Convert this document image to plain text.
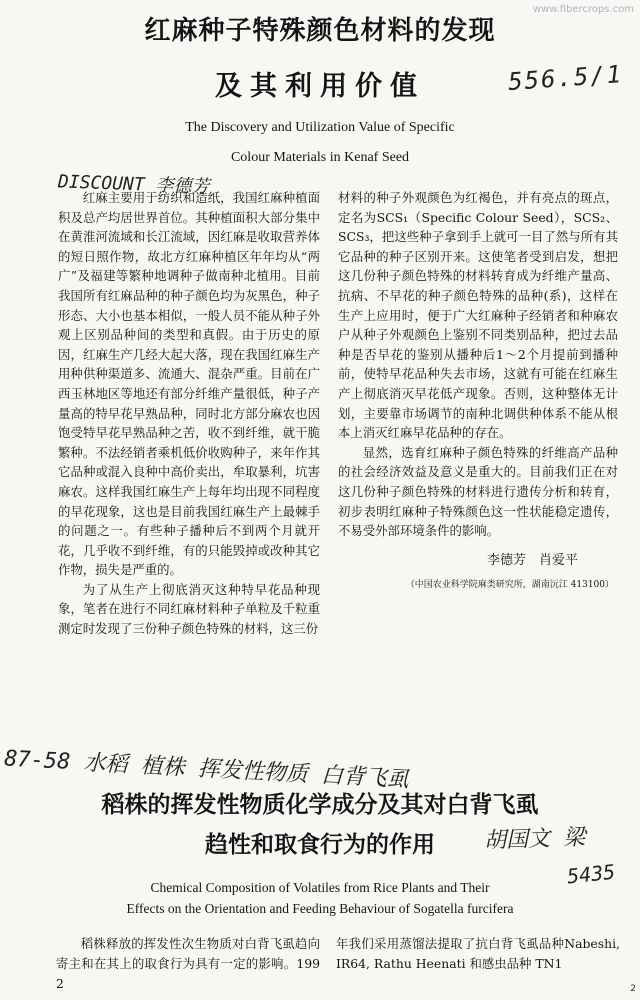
www.fibercrops.com
红麻种子特殊颜色材料的发现
及其利用价值
The Discovery and Utilization Value of Specific
Colour Materials in Kenaf Seed
556.5/1
DISCOUNT 李德芳

红麻主要用于纺织和造纸，我国红麻种植面积及总产均居世界首位。其种植面积大部分集中在黄淮河流域和长江流域，因红麻是收取营养体的短日照作物，故北方红麻种植区年年均从“两广”及福建等繁种地调种子做南种北植用。目前我国所有红麻品种的种子颜色均为灰黑色，种子形态、大小也基本相似，一般人员不能从种子外观上区别品种间的类型和真假。由于历史的原因，红麻生产几经大起大落，现在我国红麻生产用种供种渠道多、流通大、混杂严重。目前在广西玉林地区等地还有部分纤维产量很低，种子产量高的特早花早熟品种，同时北方部分麻农也因饱受特早花早熟品种之苦，收不到纤维，就干脆繁种。不法经销者乘机低价收购种子，来年作其它品种或混入良种中高价卖出，牟取暴利，坑害麻农。这样我国红麻生产上每年均出现不同程度的早花现象，这也是目前我国红麻生产上最棘手的问题之一。有些种子播种后不到两个月就开花，几乎收不到纤维，有的只能毁掉或改种其它作物，损失是严重的。

为了从生产上彻底消灭这种特早花品种现象，笔者在进行不同红麻材料种子单粒及千粒重测定时发现了三份种子颜色特殊的材料，这三份

材料的种子外观颜色为红褐色，并有亮点的斑点，定名为SCS₁（Specific Colour Seed），SCS₂、SCS₃，把这些种子拿到手上就可一目了然与所有其它品种的种子区别开来。这使笔者受到启发，想把这几份种子颜色特殊的材料转育成为纤维产量高、抗病、不早花的种子颜色特殊的品种(系)，这样在生产上应用时，便于广大红麻种子经销者和种麻农户从种子外观颜色上鉴别不同类别品种，把过去品种是否早花的鉴别从播种后1～2个月提前到播种前，使特早花品种失去市场，这就有可能在红麻生产上彻底消灭早花低产现象。否则，这种整体无计划，主要靠市场调节的南种北调供种体系不能从根本上消灭红麻早花品种的存在。

显然，选育红麻种子颜色特殊的纤维高产品种的社会经济效益及意义是重大的。目前我们正在对这几份种子颜色特殊的材料进行遗传分析和转育，初步表明红麻种子特殊颜色这一性状能稳定遗传，不易受外部环境条件的影响。

李德芳　肖爱平
（中国农业科学院麻类研究所，湖南沅江 413100）
87-58 水稻 植株 挥发性物质 白背飞虱
稻株的挥发性物质化学成分及其对白背飞虱
趋性和取食行为的作用	胡国文 梁
5435
Chemical Composition of Volatiles from Rice Plants and Their
Effects on the Orientation and Feeding Behaviour of Sogatella furcifera

稻株释放的挥发性次生物质对白背飞虱趋向寄主和在其上的取食行为具有一定的影响。1992

年我们采用蒸馏法提取了抗白背飞虱品种Nabeshi, IR64, Rathu Heenati 和感虫品种 TN1

2
